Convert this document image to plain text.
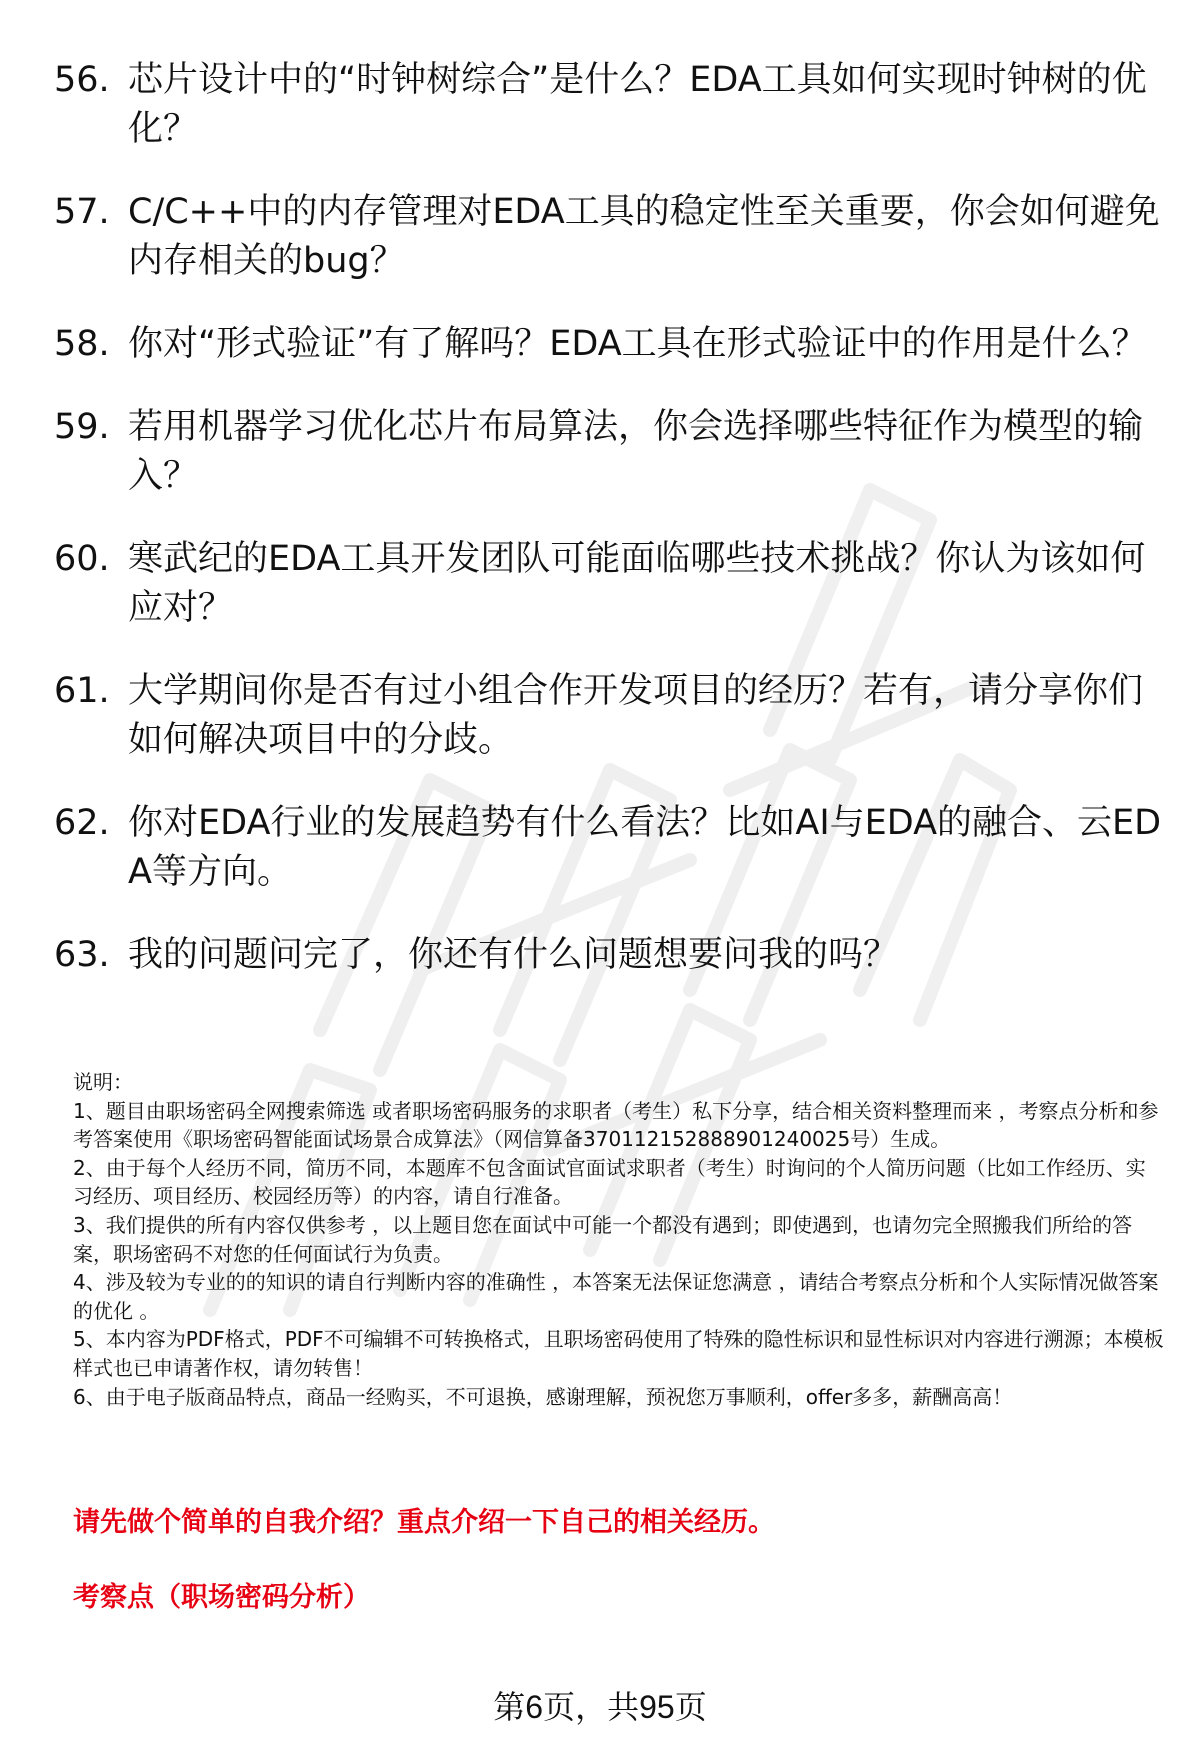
56. 芯片设计中的“时钟树综合”是什么？EDA工具如何实现时钟树的优化？
57. C/C++中的内存管理对EDA工具的稳定性至关重要，你会如何避免内存相关的bug？
58. 你对“形式验证”有了解吗？EDA工具在形式验证中的作用是什么？
59. 若用机器学习优化芯片布局算法，你会选择哪些特征作为模型的输入？
60. 寒武纪的EDA工具开发团队可能面临哪些技术挑战？你认为该如何应对？
61. 大学期间你是否有过小组合作开发项目的经历？若有，请分享你们如何解决项目中的分歧。
62. 你对EDA行业的发展趋势有什么看法？比如AI与EDA的融合、云EDA等方向。
63. 我的问题问完了，你还有什么问题想要问我的吗？

说明：

1、题目由职场密码全网搜索筛选 或者职场密码服务的求职者（考生）私下分享，结合相关资料整理而来 ，考察点分析和参考答案使用《职场密码智能面试场景合成算法》（网信算备370112152888901240025号）生成。

2、由于每个人经历不同，简历不同，本题库不包含面试官面试求职者（考生）时询问的个人简历问题（比如工作经历、实习经历、项目经历、校园经历等）的内容，请自行准备。

3、我们提供的所有内容仅供参考 ，以上题目您在面试中可能一个都没有遇到；即使遇到，也请勿完全照搬我们所给的答案，职场密码不对您的任何面试行为负责。

4、涉及较为专业的的知识的请自行判断内容的准确性 ，本答案无法保证您满意 ，请结合考察点分析和个人实际情况做答案的优化 。

5、本内容为PDF格式，PDF不可编辑不可转换格式，且职场密码使用了特殊的隐性标识和显性标识对内容进行溯源；本模板样式也已申请著作权，请勿转售！

6、由于电子版商品特点，商品一经购买，不可退换，感谢理解，预祝您万事顺利，offer多多，薪酬高高！

请先做个简单的自我介绍？重点介绍一下自己的相关经历。
考察点（职场密码分析）
第6页，共95页
